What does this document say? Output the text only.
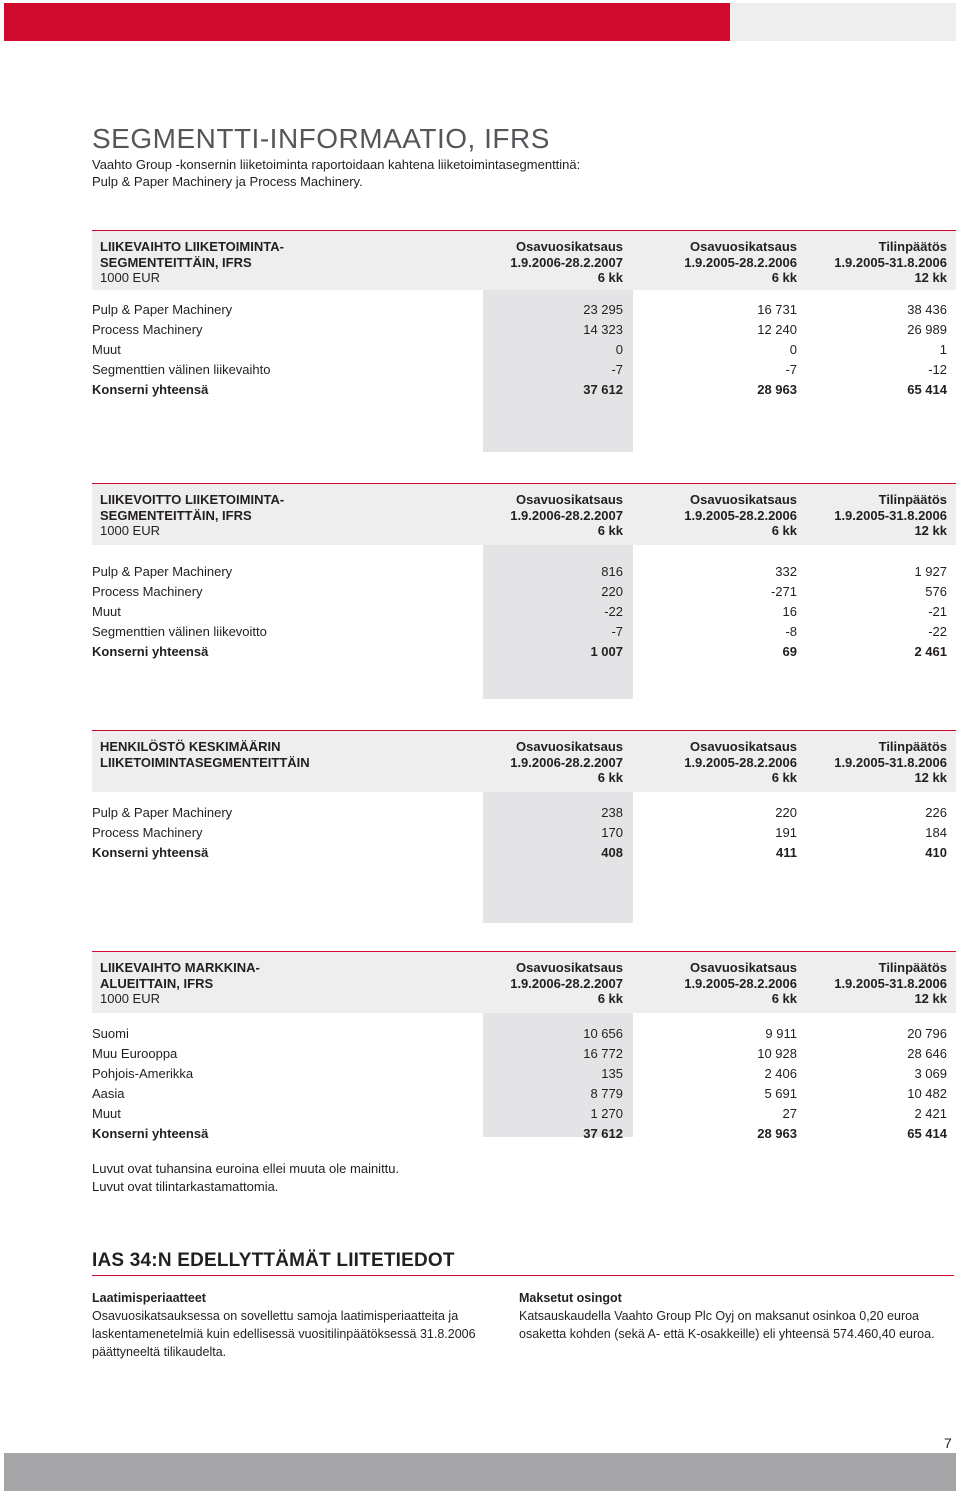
SEGMENTTI-INFORMAATIO, IFRS
Vaahto Group -konsernin liiketoiminta raportoidaan kahtena liiketoimintasegmenttinä:
Pulp & Paper Machinery ja Process Machinery.
LIIKEVAIHTO LIIKETOIMINTA-
SEGMENTEITTÄIN, IFRS
1000 EUR
Osavuosikatsaus
1.9.2006-28.2.2007
6 kk
Osavuosikatsaus
1.9.2005-28.2.2006
6 kk
Tilinpäätös
1.9.2005-31.8.2006
12 kk
Pulp & Paper Machinery	23 295	16 731	38 436
Process Machinery	14 323	12 240	26 989
Muut	0	0	1
Segmenttien välinen liikevaihto	-7	-7	-12
Konserni yhteensä	37 612	28 963	65 414
LIIKEVOITTO LIIKETOIMINTA-
SEGMENTEITTÄIN, IFRS
1000 EUR
Osavuosikatsaus
1.9.2006-28.2.2007
6 kk
Osavuosikatsaus
1.9.2005-28.2.2006
6 kk
Tilinpäätös
1.9.2005-31.8.2006
12 kk
Pulp & Paper Machinery	816	332	1 927
Process Machinery	220	-271	576
Muut	-22	16	-21
Segmenttien välinen liikevoitto	-7	-8	-22
Konserni yhteensä	1 007	69	2 461
HENKILÖSTÖ KESKIMÄÄRIN
LIIKETOIMINTASEGMENTEITTÄIN
Osavuosikatsaus
1.9.2006-28.2.2007
6 kk
Osavuosikatsaus
1.9.2005-28.2.2006
6 kk
Tilinpäätös
1.9.2005-31.8.2006
12 kk
Pulp & Paper Machinery	238	220	226
Process Machinery	170	191	184
Konserni yhteensä	408	411	410
LIIKEVAIHTO MARKKINA-
ALUEITTAIN, IFRS
1000 EUR
Osavuosikatsaus
1.9.2006-28.2.2007
6 kk
Osavuosikatsaus
1.9.2005-28.2.2006
6 kk
Tilinpäätös
1.9.2005-31.8.2006
12 kk
Suomi	10 656	9 911	20 796
Muu Eurooppa	16 772	10 928	28 646
Pohjois-Amerikka	135	2 406	3 069
Aasia	8 779	5 691	10 482
Muut	1 270	27	2 421
Konserni yhteensä	37 612	28 963	65 414
Luvut ovat tuhansina euroina ellei muuta ole mainittu.
Luvut ovat tilintarkastamattomia.
IAS 34:N EDELLYTTÄMÄT LIITETIEDOT
Laatimisperiaatteet
Osavuosikatsauksessa on sovellettu samoja laatimisperiaatteita ja
laskentamenetelmiä kuin edellisessä vuositilinpäätöksessä 31.8.2006
päättyneeltä tilikaudelta.
Maksetut osingot
Katsauskaudella Vaahto Group Plc Oyj on maksanut osinkoa 0,20 euroa
osaketta kohden (sekä A- että K-osakkeille) eli yhteensä 574.460,40 euroa.
7
